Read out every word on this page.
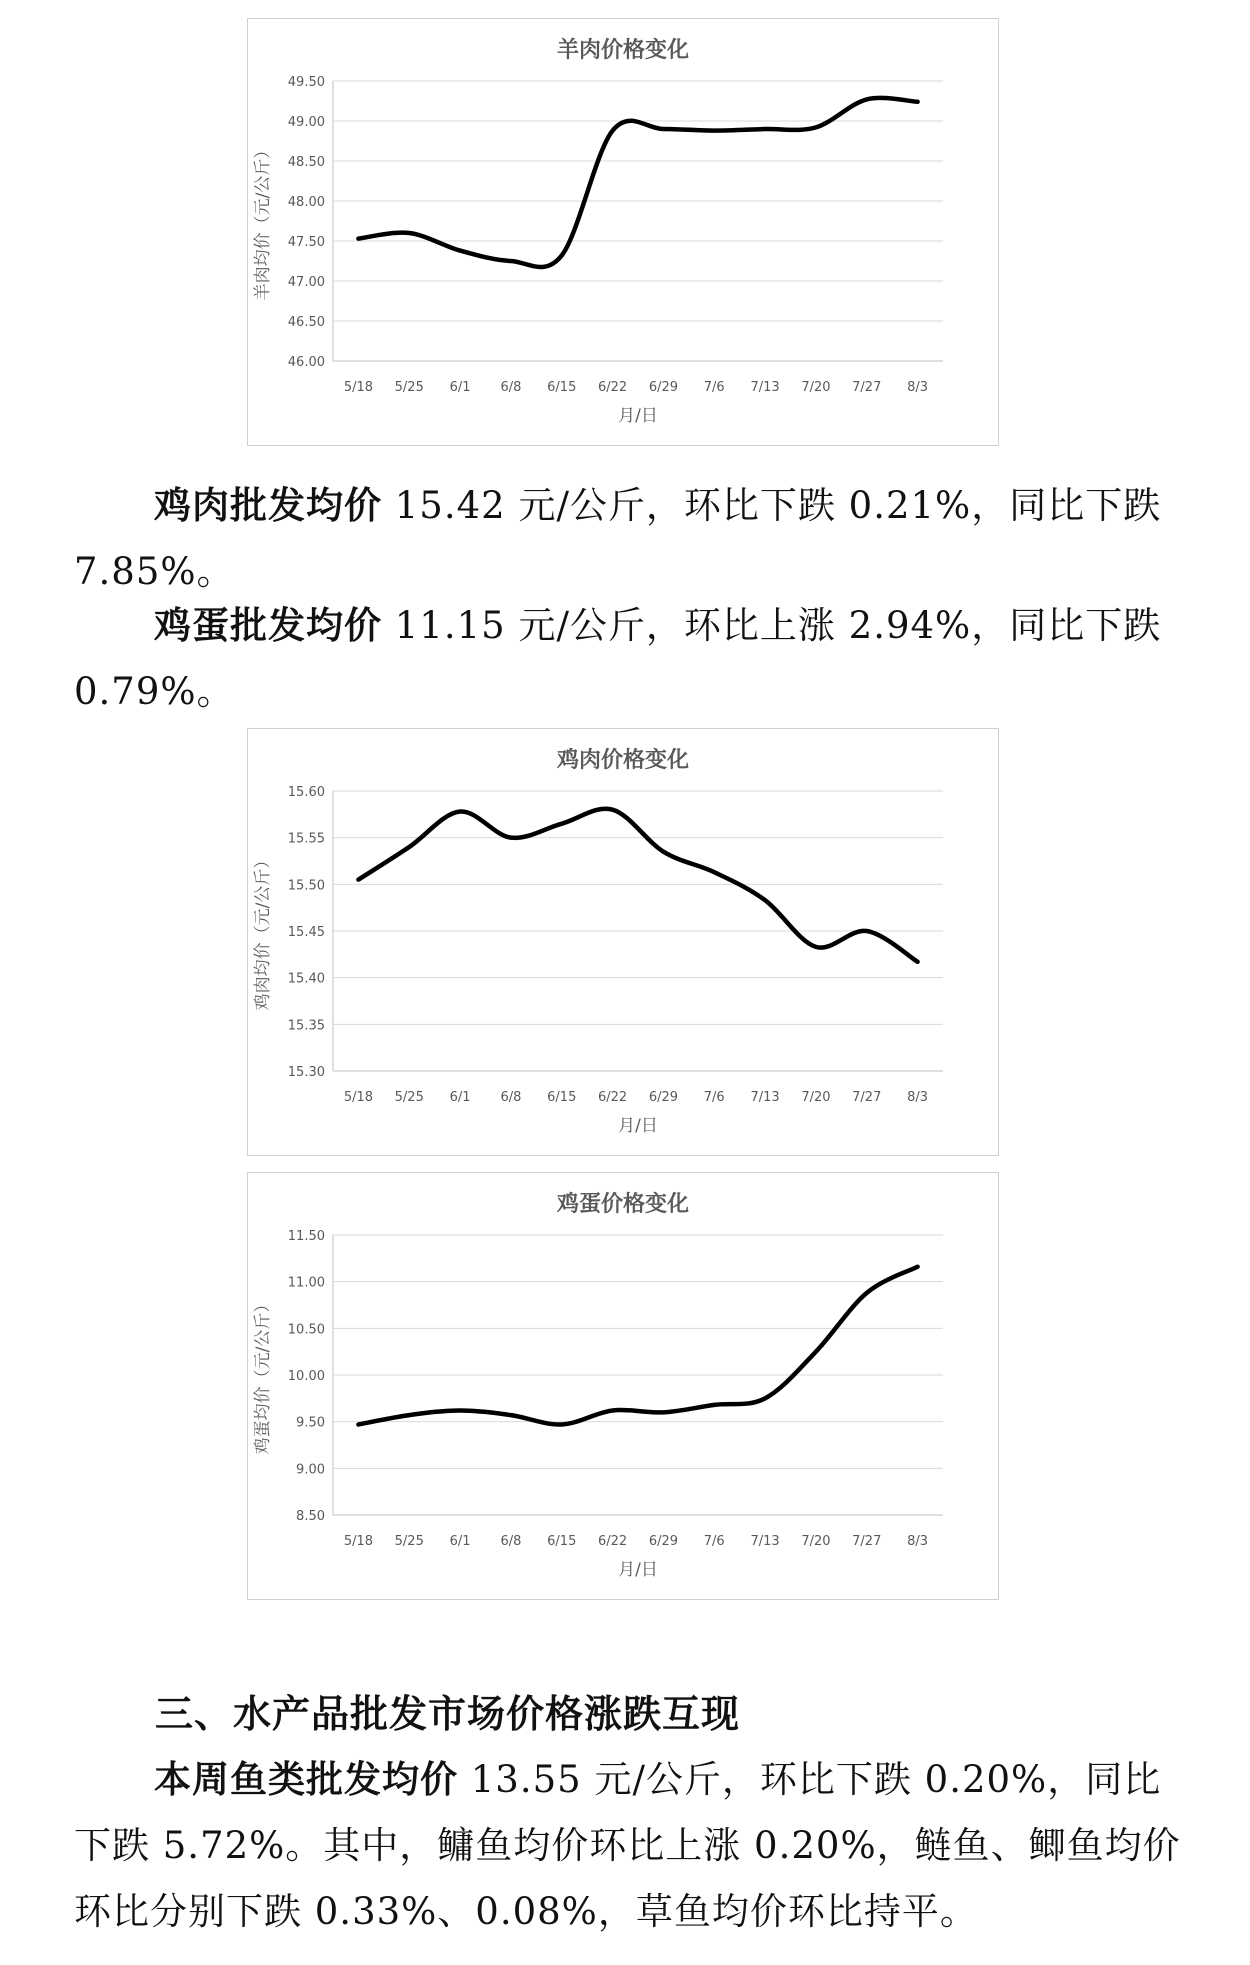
羊肉价格变化
46.00
46.50
47.00
47.50
48.00
48.50
49.00
49.50
5/18 5/25 6/1 6/8 6/15 6/22 6/29 7/6 7/13 7/20 7/27 8/3
月/日
羊肉均价（元/公斤）

鸡肉批发均价 15.42 元/公斤，环比下跌 0.21%，同比下跌 7.85%。

鸡蛋批发均价 11.15 元/公斤，环比上涨 2.94%，同比下跌 0.79%。

鸡肉价格变化
15.30
15.35
15.40
15.45
15.50
15.55
15.60
5/18 5/25 6/1 6/8 6/15 6/22 6/29 7/6 7/13 7/20 7/27 8/3
月/日
鸡肉均价（元/公斤）
鸡蛋价格变化
8.50
9.00
9.50
10.00
10.50
11.00
11.50
5/18 5/25 6/1 6/8 6/15 6/22 6/29 7/6 7/13 7/20 7/27 8/3
月/日
鸡蛋均价（元/公斤）
三、水产品批发市场价格涨跌互现

本周鱼类批发均价 13.55 元/公斤，环比下跌 0.20%，同比下跌 5.72%。其中，鳙鱼均价环比上涨 0.20%，鲢鱼、鲫鱼均价环比分别下跌 0.33%、0.08%，草鱼均价环比持平。
